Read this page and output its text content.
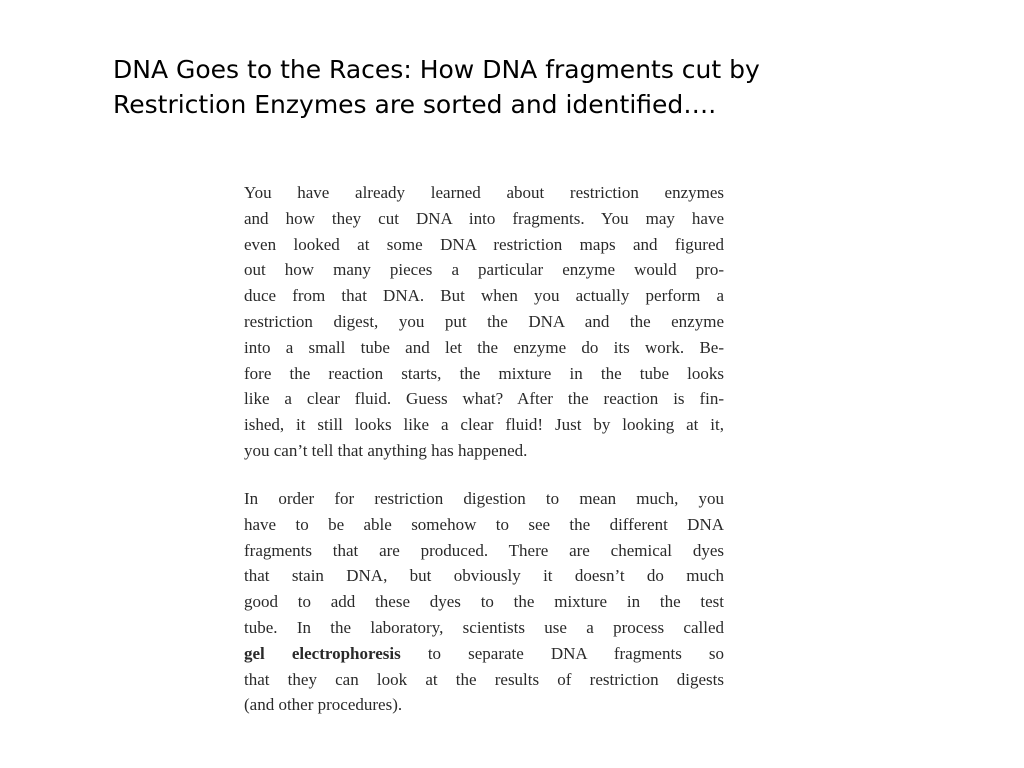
DNA Goes to the Races: How DNA fragments cut by
Restriction Enzymes are sorted and identified….

You have already learned about restriction enzymes
and how they cut DNA into fragments. You may have
even looked at some DNA restriction maps and figured
out how many pieces a particular enzyme would pro-
duce from that DNA. But when you actually perform a
restriction digest, you put the DNA and the enzyme
into a small tube and let the enzyme do its work. Be-
fore the reaction starts, the mixture in the tube looks
like a clear fluid. Guess what? After the reaction is fin-
ished, it still looks like a clear fluid! Just by looking at it,
you can’t tell that anything has happened.

In order for restriction digestion to mean much, you
have to be able somehow to see the different DNA
fragments that are produced. There are chemical dyes
that stain DNA, but obviously it doesn’t do much
good to add these dyes to the mixture in the test
tube. In the laboratory, scientists use a process called
gel electrophoresis to separate DNA fragments so
that they can look at the results of restriction digests
(and other procedures).
